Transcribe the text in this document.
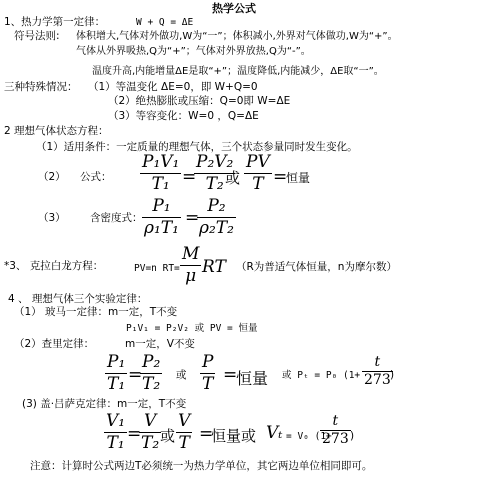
热学公式
1、热力学第一定律：	W + Q = ΔE
符号法则: 体积增大,气体对外做功,W为“一”；体积减小,外界对气体做功,W为“+”。
气体从外界吸热,Q为“+”；气体对外界放热,Q为“-”。
温度升高,内能增量ΔE是取“+”；温度降低,内能减少，ΔE取“一”。
三种特殊情况： （1）等温变化 ΔE=0，即 W+Q=0
（2）绝热膨胀或压缩：Q=0即 W=ΔE
（3）等容变化：W=0 ，Q=ΔE
2 理想气体状态方程：
（1）适用条件：一定质量的理想气体，三个状态参量同时发生变化。
（2） 公式：
P₁V₁
T₁ =
P₂V₂
T₂ 或
PV
T =
恒量
（3） 含密度式：
P₁
ρ₁T₁ =
P₂
ρ₂T₂
*3、 克拉白龙方程：	PV=n RT=
M
μ RT （R为普适气体恒量，n为摩尔数）
4 、 理想气体三个实验定律：
（1） 玻马一定律：m一定，T不变
P₁V₁ = P₂V₂ 或 PV = 恒量
（2）查里定律：	m一定，V不变
P₁
T₁ =
P₂
T₂ 或
P
T =
恒量 或 Pₜ = P₀ (1+
t
273 )
(3) 盖·吕萨克定律：m一定，T不变
V₁
T₁ =
V
T₂ 或
V
T =
恒量或 Vₜ = V₀ (1+
t
273 )
注意：计算时公式两边T必须统一为热力学单位，其它两边单位相同即可。
